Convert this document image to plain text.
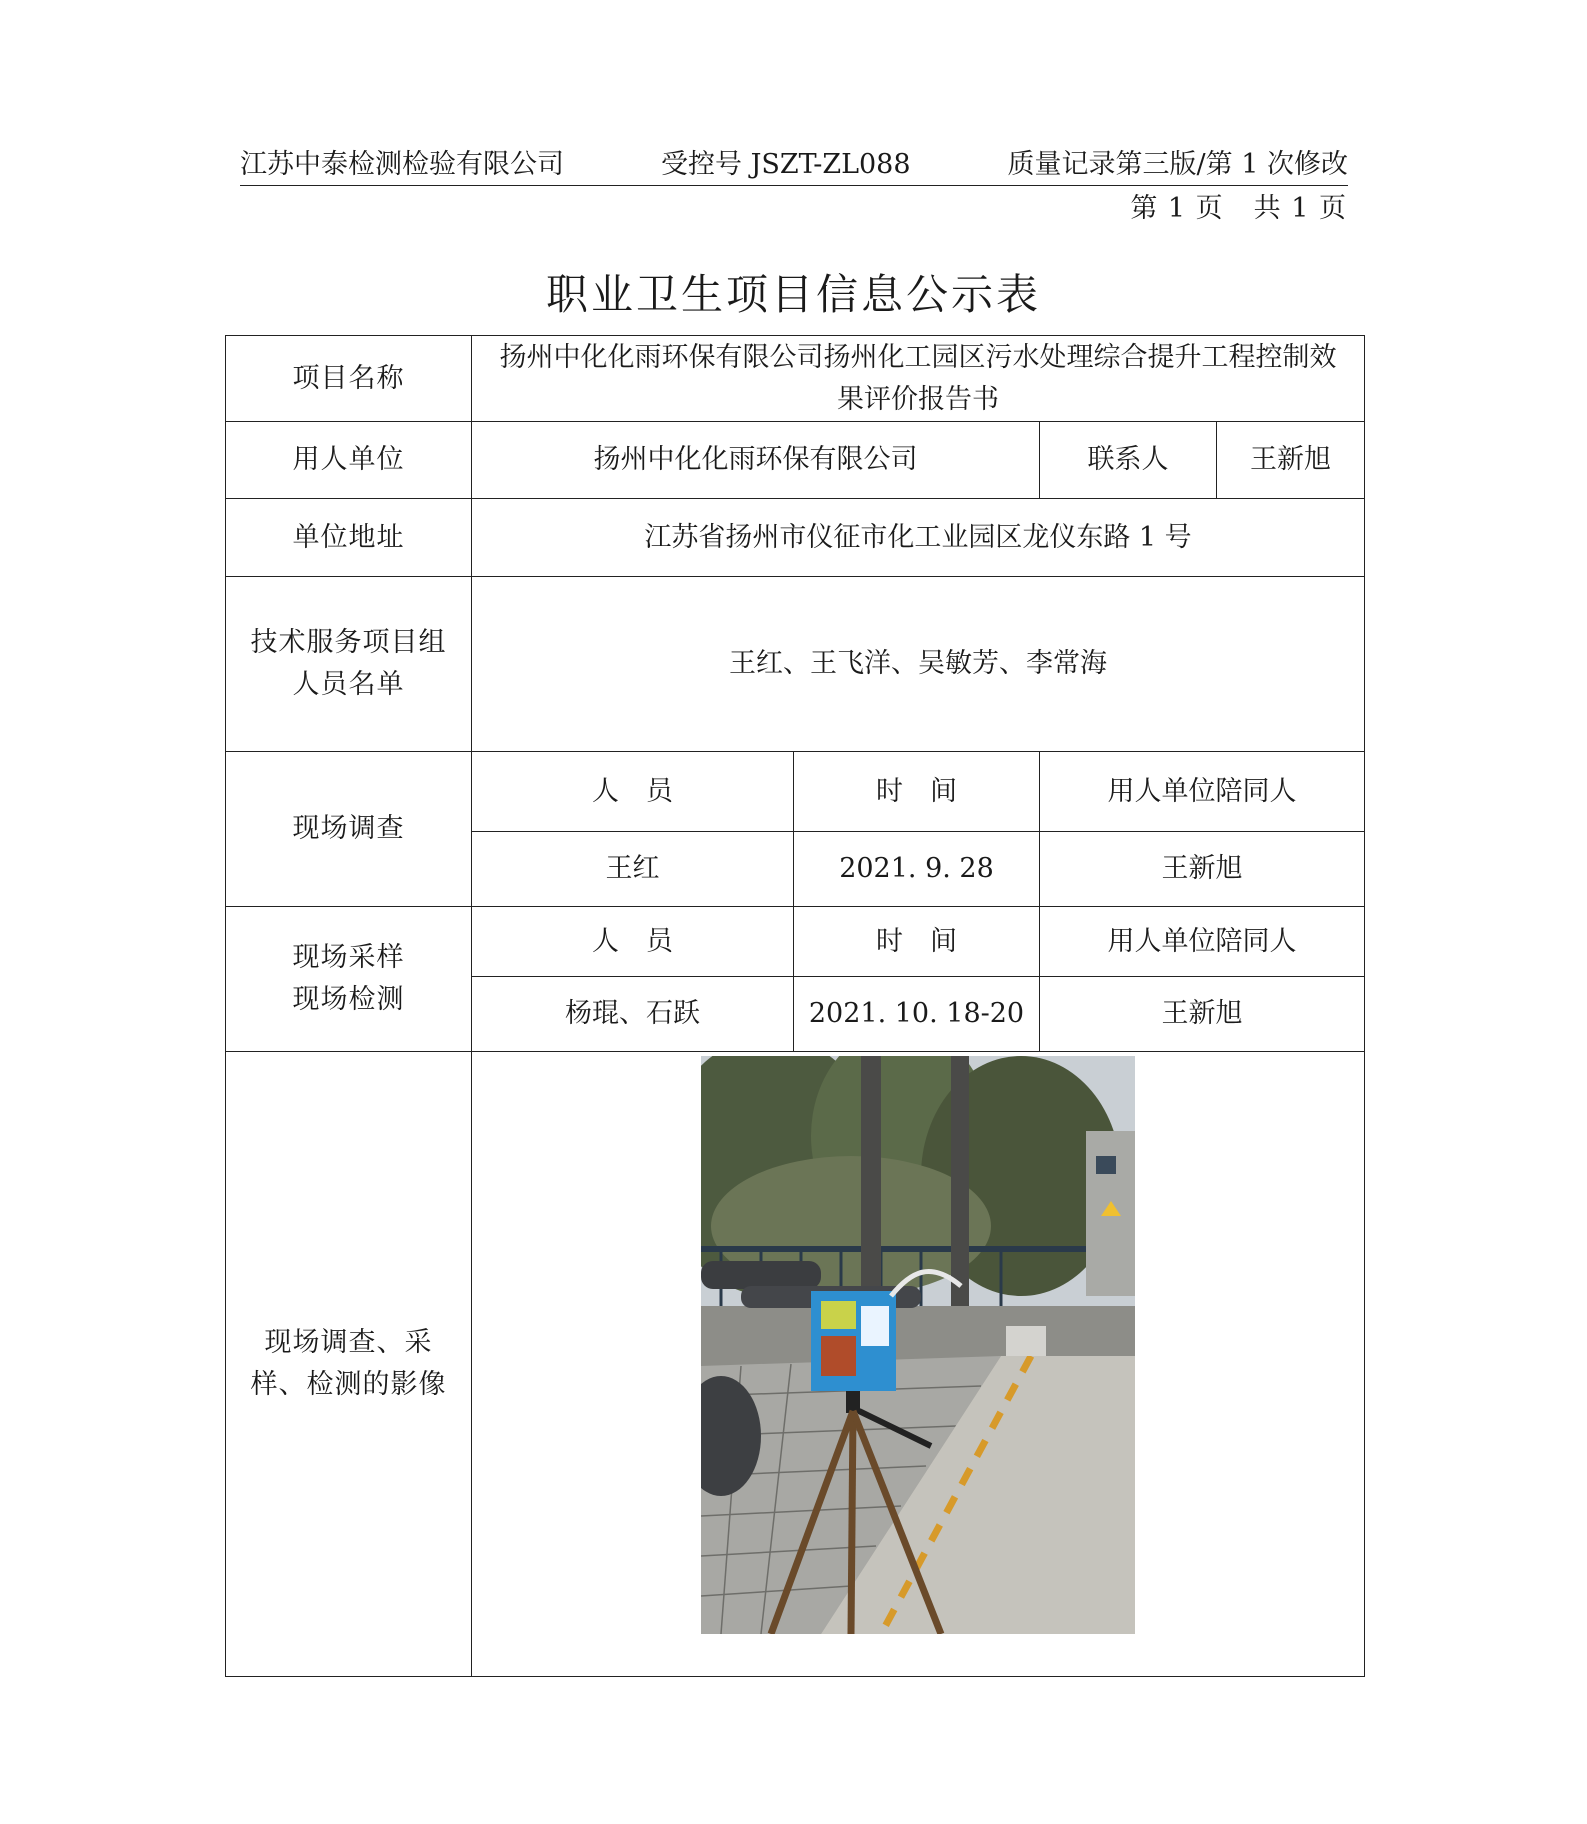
江苏中泰检测检验有限公司	受控号 JSZT-ZL088	质量记录第三版/第 1 次修改
第 1 页 共 1 页
职业卫生项目信息公示表
项目名称	扬州中化化雨环保有限公司扬州化工园区污水处理综合提升工程控制效果评价报告书			
用人单位	扬州中化化雨环保有限公司		联系人	王新旭
单位地址	江苏省扬州市仪征市化工业园区龙仪东路 1 号			
技术服务项目组人员名单	王红、王飞洋、吴敏芳、李常海			
现场调查	人　员	时　间	用人单位陪同人	
	王红	2021. 9. 28	王新旭	
现场采样现场检测	人　员	时　间	用人单位陪同人	
	杨琨、石跃	2021. 10. 18-20	王新旭	
现场调查、采样、检测的影像	
